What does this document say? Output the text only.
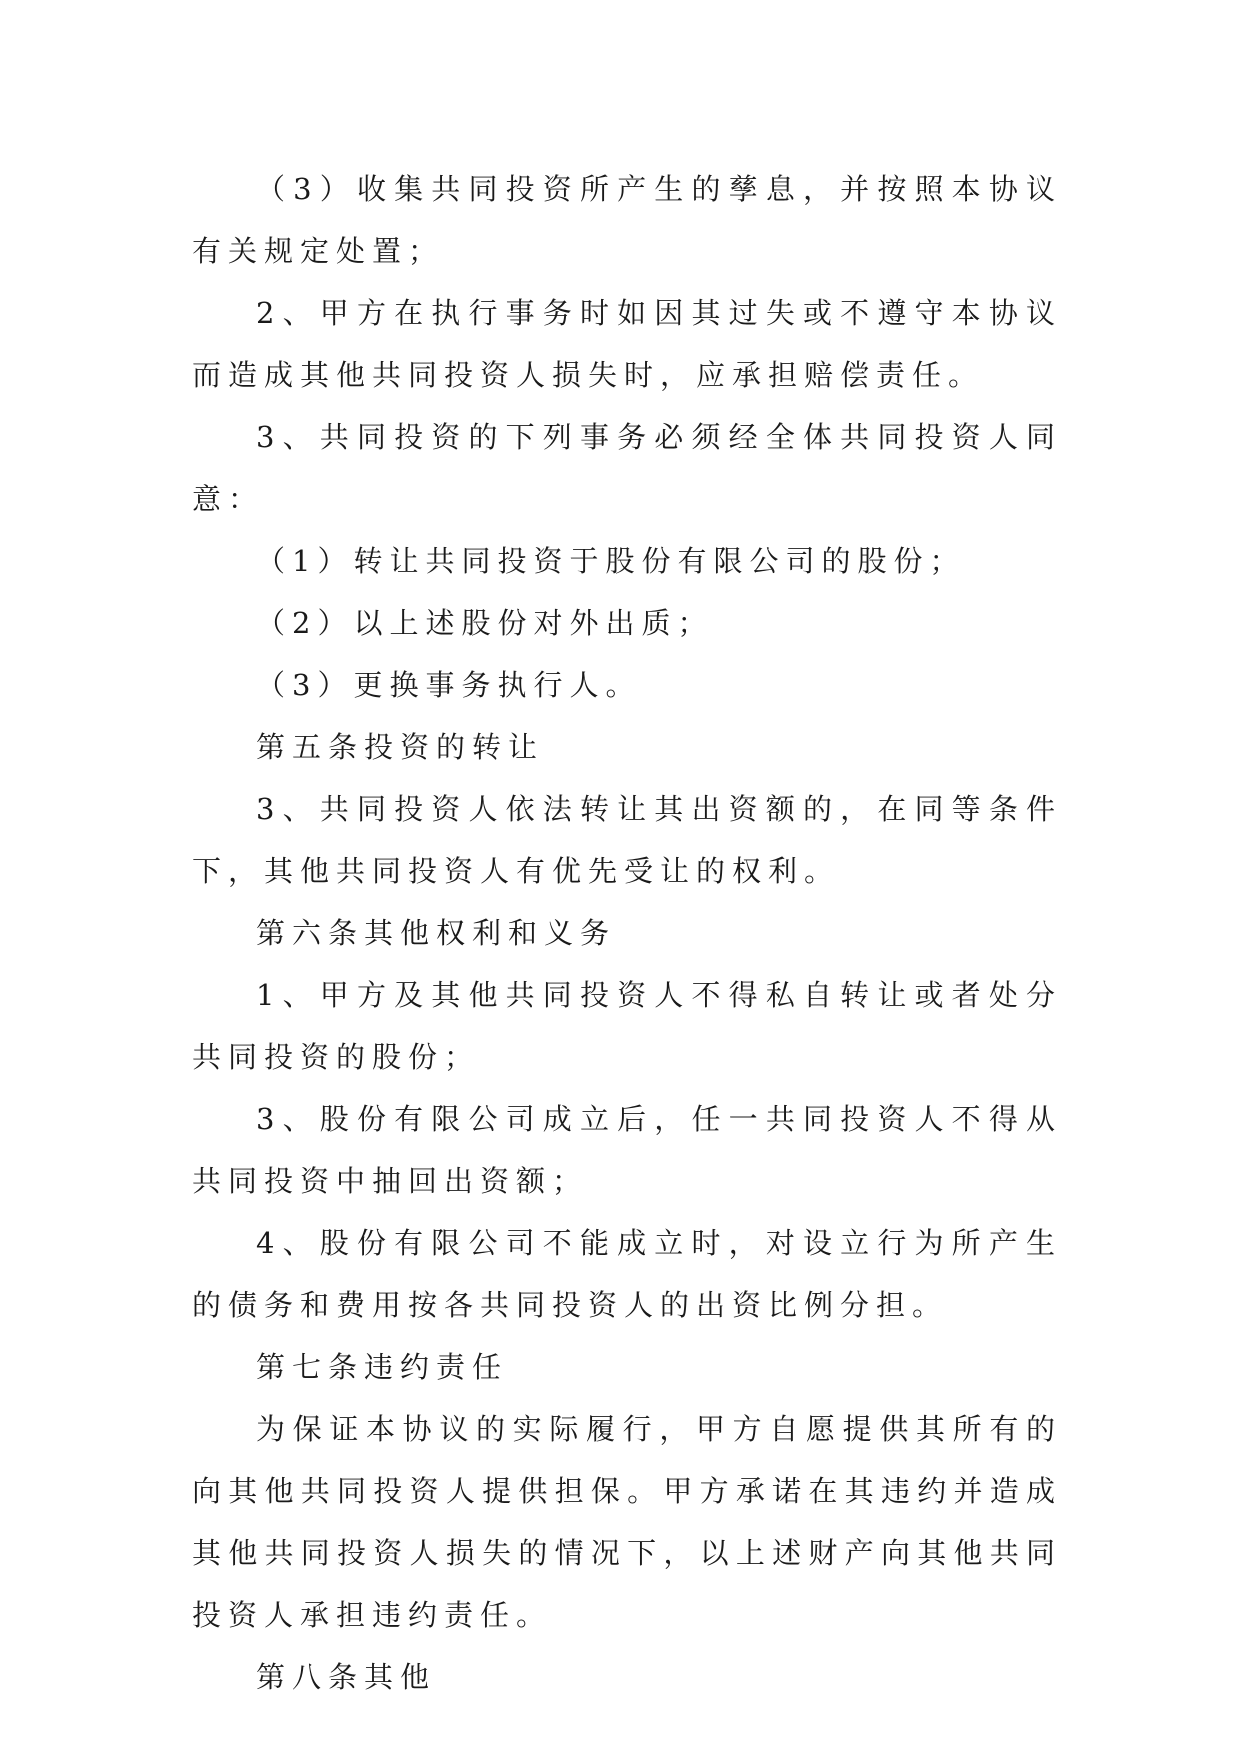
（3）收集共同投资所产生的孳息，并按照本协议有关规定处置；

2、甲方在执行事务时如因其过失或不遵守本协议而造成其他共同投资人损失时，应承担赔偿责任。

3、共同投资的下列事务必须经全体共同投资人同意：

（1）转让共同投资于股份有限公司的股份；

（2）以上述股份对外出质；

（3）更换事务执行人。

第五条投资的转让

3、共同投资人依法转让其出资额的，在同等条件下，其他共同投资人有优先受让的权利。

第六条其他权利和义务

1、甲方及其他共同投资人不得私自转让或者处分共同投资的股份；

3、股份有限公司成立后，任一共同投资人不得从共同投资中抽回出资额；

4、股份有限公司不能成立时，对设立行为所产生的债务和费用按各共同投资人的出资比例分担。

第七条违约责任

为保证本协议的实际履行，甲方自愿提供其所有的向其他共同投资人提供担保。甲方承诺在其违约并造成其他共同投资人损失的情况下，以上述财产向其他共同投资人承担违约责任。

第八条其他
